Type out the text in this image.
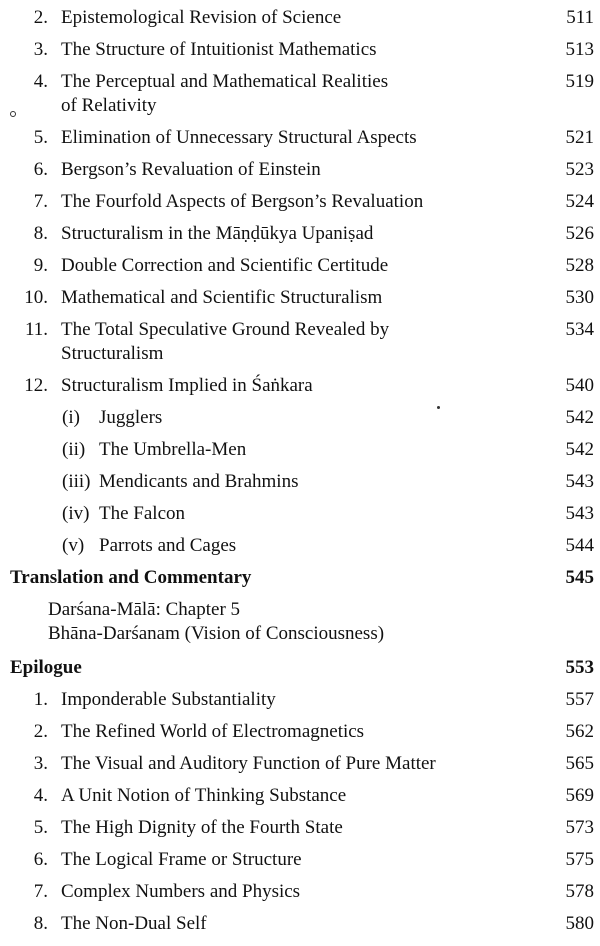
2. Epistemological Revision of Science	511
3. The Structure of Intuitionist Mathematics	513
4. The Perceptual and Mathematical Realities	519
of Relativity
5. Elimination of Unnecessary Structural Aspects	521
6. Bergson’s Revaluation of Einstein	523
7. The Fourfold Aspects of Bergson’s Revaluation	524
8. Structuralism in the Māṇḍūkya Upaniṣad	526
9. Double Correction and Scientific Certitude	528
10. Mathematical and Scientific Structuralism	530
11. The Total Speculative Ground Revealed by	534
Structuralism
12. Structuralism Implied in Śaṅkara	540
(i) Jugglers	542
(ii) The Umbrella-Men	542
(iii) Mendicants and Brahmins	543
(iv) The Falcon	543
(v) Parrots and Cages	544
Translation and Commentary	545
Darśana-Mālā: Chapter 5
Bhāna-Darśanam (Vision of Consciousness)
Epilogue	553
1. Imponderable Substantiality	557
2. The Refined World of Electromagnetics	562
3. The Visual and Auditory Function of Pure Matter	565
4. A Unit Notion of Thinking Substance	569
5. The High Dignity of the Fourth State	573
6. The Logical Frame or Structure	575
7. Complex Numbers and Physics	578
8. The Non-Dual Self	580
